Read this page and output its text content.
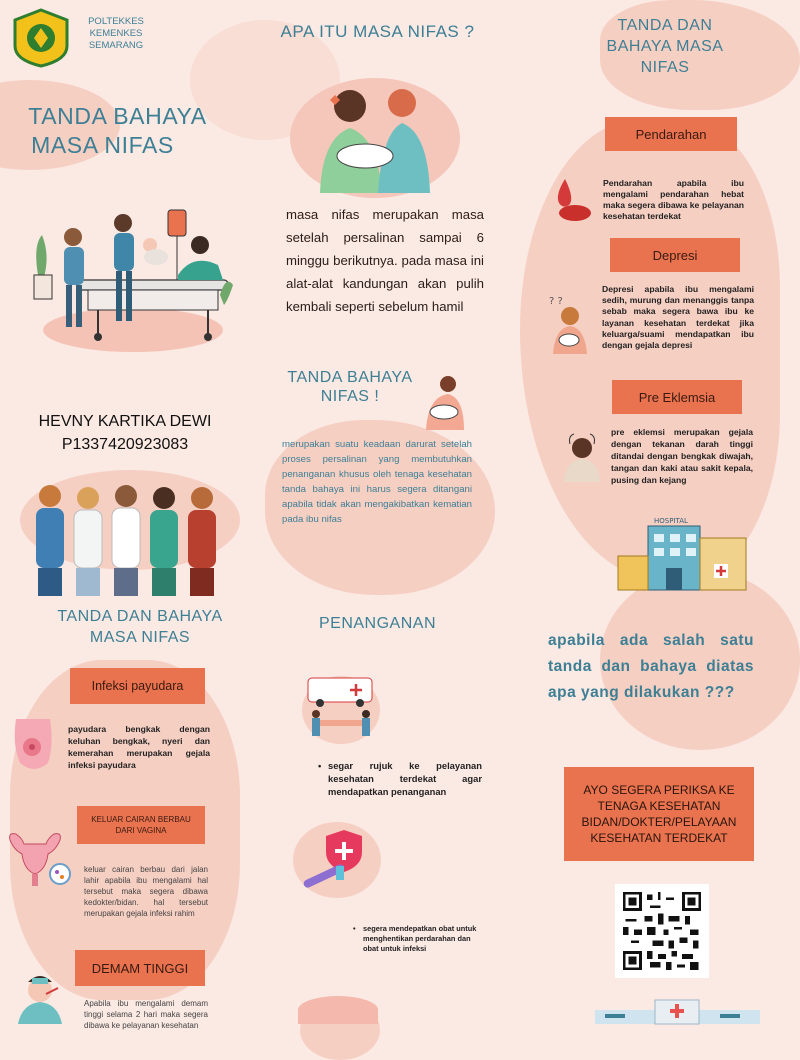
POLTEKKES
KEMENKES
SEMARANG
TANDA BAHAYA
MASA NIFAS
HEVNY KARTIKA DEWI
P1337420923083
APA ITU MASA NIFAS ?
masa nifas merupakan masa setelah persalinan sampai 6 minggu berikutnya. pada masa ini alat-alat kandungan akan pulih kembali seperti sebelum hamil
TANDA BAHAYA
NIFAS !
merupakan suatu keadaan darurat setelah proses persalinan yang membutuhkan penanganan khusus oleh tenaga kesehatan tanda bahaya ini harus segera ditangani apabila tidak akan mengakibatkan kematian pada ibu nifas
TANDA DAN
BAHAYA MASA
NIFAS
Pendarahan
Pendarahan apabila ibu mengalami pendarahan hebat maka segera dibawa ke pelayanan kesehatan terdekat
Depresi
? ?
Depresi apabila ibu mengalami sedih, murung dan menanggis tanpa sebab maka segera bawa ibu ke layanan kesehatan terdekat jika keluarga/suami mendapatkan ibu dengan gejala depresi
Pre Eklemsia
pre eklemsi merupakan gejala dengan tekanan darah tinggi ditandai dengan bengkak diwajah, tangan dan kaki atau sakit kepala, pusing dan kejang
HOSPITAL
TANDA DAN BAHAYA
MASA NIFAS
Infeksi payudara
payudara bengkak dengan keluhan bengkak, nyeri dan kemerahan merupakan gejala infeksi payudara
KELUAR CAIRAN BERBAU DARI VAGINA
keluar cairan berbau dari jalan lahir apabila ibu mengalami hal tersebut maka segera dibawa kedokter/bidan. hal tersebut merupakan gejala infeksi rahim
DEMAM TINGGI
Apabila ibu mengalami demam tinggi selama 2 hari maka segera dibawa ke pelayanan kesehatan
PENANGANAN
• segar rujuk ke pelayanan kesehatan terdekat agar mendapatkan penanganan
• segera mendepatkan obat untuk menghentikan perdarahan dan obat untuk infeksi
apabila ada salah satu tanda dan bahaya diatas apa yang dilakukan ???
AYO SEGERA PERIKSA KE TENAGA KESEHATAN BIDAN/DOKTER/PELAYAAN KESEHATAN TERDEKAT
